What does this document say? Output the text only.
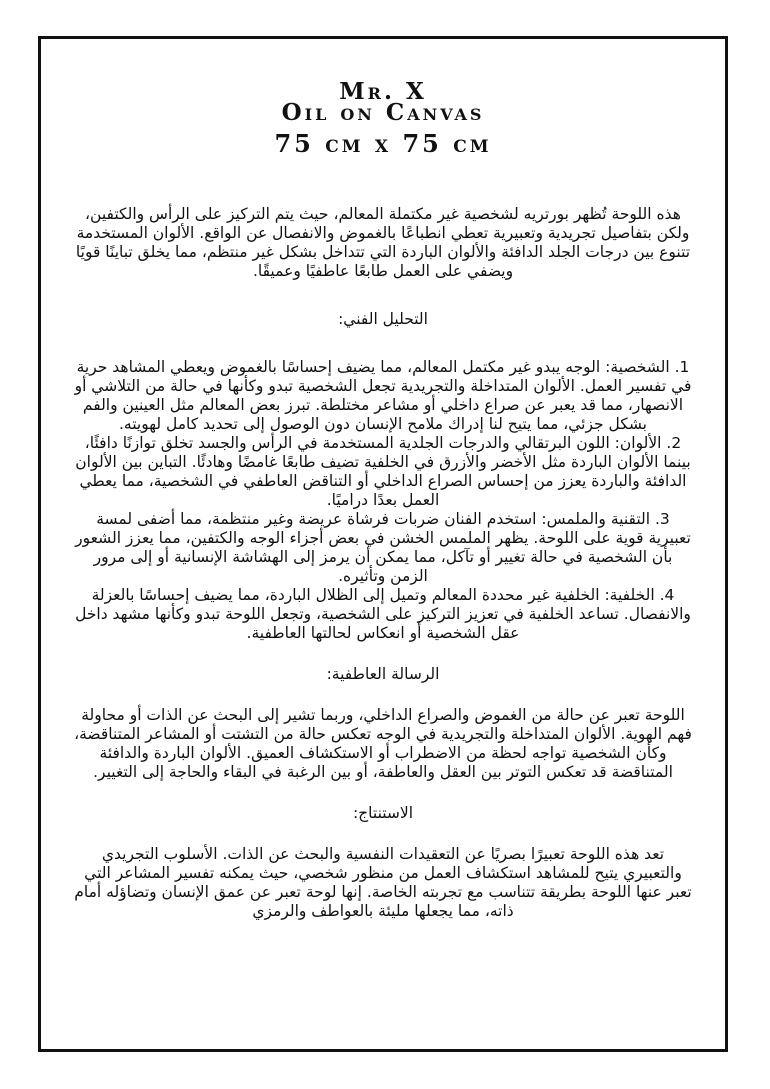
Mr. X
Oil on Canvas
75 cm x 75 cm

هذه اللوحة تُظهر بورتريه لشخصية غير مكتملة المعالم، حيث يتم التركيز على الرأس والكتفين، ولكن بتفاصيل تجريدية وتعبيرية تعطي انطباعًا بالغموض والانفصال عن الواقع. الألوان المستخدمة تتنوع بين درجات الجلد الدافئة والألوان الباردة التي تتداخل بشكل غير منتظم، مما يخلق تباينًا قويًا ويضفي على العمل طابعًا عاطفيًا وعميقًا.

التحليل الفني:

1. الشخصية: الوجه يبدو غير مكتمل المعالم، مما يضيف إحساسًا بالغموض ويعطي المشاهد حرية في تفسير العمل. الألوان المتداخلة والتجريدية تجعل الشخصية تبدو وكأنها في حالة من التلاشي أو الانصهار، مما قد يعبر عن صراع داخلي أو مشاعر مختلطة. تبرز بعض المعالم مثل العينين والفم بشكل جزئي، مما يتيح لنا إدراك ملامح الإنسان دون الوصول إلى تحديد كامل لهويته.

2. الألوان: اللون البرتقالي والدرجات الجلدية المستخدمة في الرأس والجسد تخلق توازنًا دافئًا، بينما الألوان الباردة مثل الأخضر والأزرق في الخلفية تضيف طابعًا غامضًا وهادئًا. التباين بين الألوان الدافئة والباردة يعزز من إحساس الصراع الداخلي أو التناقض العاطفي في الشخصية، مما يعطي العمل بعدًا دراميًا.

3. التقنية والملمس: استخدم الفنان ضربات فرشاة عريضة وغير منتظمة، مما أضفى لمسة تعبيرية قوية على اللوحة. يظهر الملمس الخشن في بعض أجزاء الوجه والكتفين، مما يعزز الشعور بأن الشخصية في حالة تغيير أو تآكل، مما يمكن أن يرمز إلى الهشاشة الإنسانية أو إلى مرور الزمن وتأثيره.

4. الخلفية: الخلفية غير محددة المعالم وتميل إلى الظلال الباردة، مما يضيف إحساسًا بالعزلة والانفصال. تساعد الخلفية في تعزيز التركيز على الشخصية، وتجعل اللوحة تبدو وكأنها مشهد داخل عقل الشخصية أو انعكاس لحالتها العاطفية.

الرسالة العاطفية:

اللوحة تعبر عن حالة من الغموض والصراع الداخلي، وربما تشير إلى البحث عن الذات أو محاولة فهم الهوية. الألوان المتداخلة والتجريدية في الوجه تعكس حالة من التشتت أو المشاعر المتناقضة، وكأن الشخصية تواجه لحظة من الاضطراب أو الاستكشاف العميق. الألوان الباردة والدافئة المتناقضة قد تعكس التوتر بين العقل والعاطفة، أو بين الرغبة في البقاء والحاجة إلى التغيير.

الاستنتاج:

تعد هذه اللوحة تعبيرًا بصريًا عن التعقيدات النفسية والبحث عن الذات. الأسلوب التجريدي والتعبيري يتيح للمشاهد استكشاف العمل من منظور شخصي، حيث يمكنه تفسير المشاعر التي تعبر عنها اللوحة بطريقة تتناسب مع تجربته الخاصة. إنها لوحة تعبر عن عمق الإنسان وتضاؤله أمام ذاته، مما يجعلها مليئة بالعواطف والرمزي
